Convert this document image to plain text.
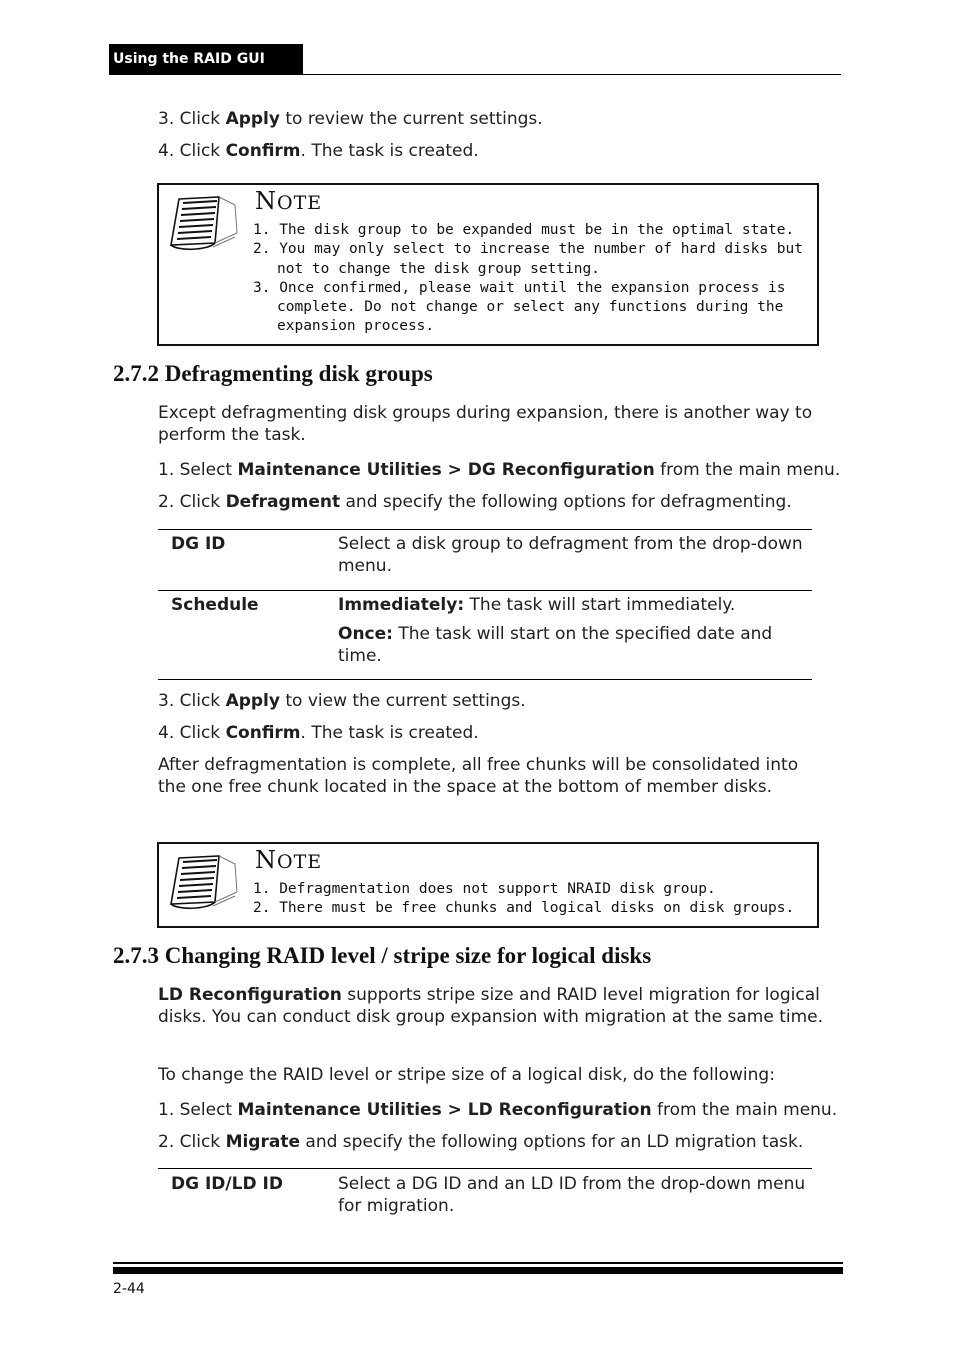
Using the RAID GUI
3. Click Apply to review the current settings.
4. Click Confirm. The task is created.
NOTE
1. The disk group to be expanded must be in the optimal state.
2. You may only select to increase the number of hard disks but not to change the disk group setting.
3. Once confirmed, please wait until the expansion process is complete. Do not change or select any functions during the expansion process.
2.7.2 Defragmenting disk groups
Except defragmenting disk groups during expansion, there is another way to perform the task.
1. Select Maintenance Utilities > DG Reconfiguration from the main menu.
2. Click Defragment and specify the following options for defragmenting.
DG ID	Select a disk group to defragment from the drop-down menu.
Schedule	Immediately: The task will start immediately.
Once: The task will start on the specified date and time.
3. Click Apply to view the current settings.
4. Click Confirm. The task is created.
After defragmentation is complete, all free chunks will be consolidated into the one free chunk located in the space at the bottom of member disks.
NOTE
1. Defragmentation does not support NRAID disk group.
2. There must be free chunks and logical disks on disk groups.
2.7.3 Changing RAID level / stripe size for logical disks
LD Reconfiguration supports stripe size and RAID level migration for logical disks. You can conduct disk group expansion with migration at the same time.
To change the RAID level or stripe size of a logical disk, do the following:
1. Select Maintenance Utilities > LD Reconfiguration from the main menu.
2. Click Migrate and specify the following options for an LD migration task.
DG ID/LD ID	Select a DG ID and an LD ID from the drop-down menu for migration.
2-44
